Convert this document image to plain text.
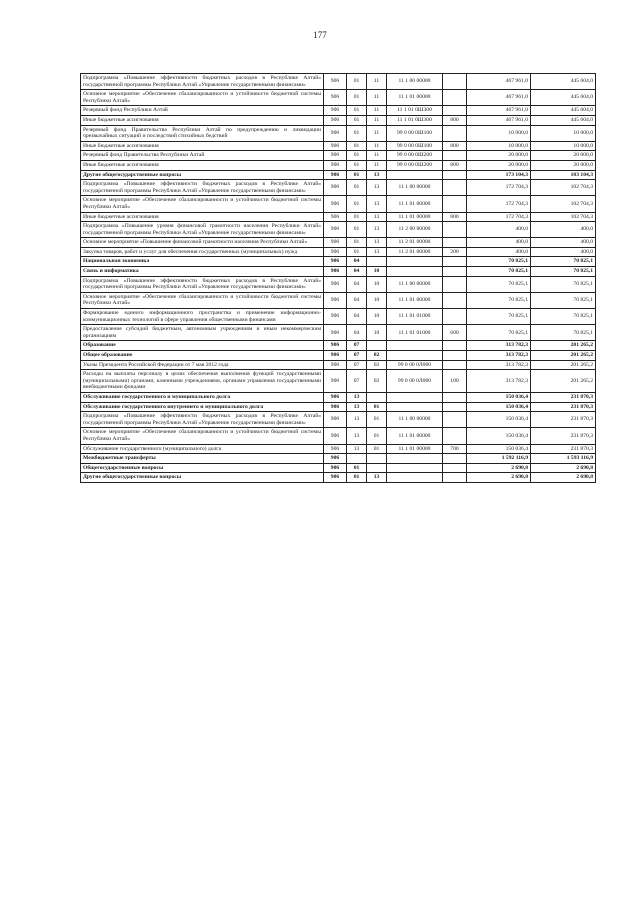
177
Подпрограмма «Повышение эффективности бюджетных расходов в Республике Алтай» государственной программы Республики Алтай «Управление государственными финансами»	906	01	11	11 1 00 00000		467 961,0	445 604,0
Основное мероприятие «Обеспечение сбалансированности и устойчивости бюджетной системы Республики Алтай»	906	01	11	11 1 01 00000		467 961,0	445 604,0
Резервный фонд Республики Алтай	906	01	11	11 1 01 0Ш300		467 961,0	445 604,0
Иные бюджетные ассигнования	906	01	11	11 1 01 0Ш300	800	467 961,0	445 604,0
Резервный фонд Правительства Республики Алтай по предупреждению и ликвидации чрезвычайных ситуаций и последствий стихийных бедствий	906	01	11	99 0 00 0Ш100		10 000,0	10 000,0
Иные бюджетные ассигнования	906	01	11	99 0 00 0Ш100	800	10 000,0	10 000,0
Резервный фонд Правительства Республики Алтай	906	01	11	99 0 00 0Ш200		20 000,0	20 000,0
Иные бюджетные ассигнования	906	01	11	99 0 00 0Ш200	800	20 000,0	20 000,0
Другие общегосударственные вопросы	906	01	13			173 104,3	103 104,3
Подпрограмма «Повышение эффективности бюджетных расходов в Республике Алтай» государственной программы Республики Алтай «Управление государственными финансами»	906	01	13	11 1 00 00000		172 704,3	102 704,3
Основное мероприятие «Обеспечение сбалансированности и устойчивости бюджетной системы Республики Алтай»	906	01	13	11 1 01 00000		172 704,3	102 704,3
Иные бюджетные ассигнования	906	01	13	11 1 01 00000	800	172 704,3	102 704,3
Подпрограмма «Повышение уровня финансовой грамотности населения Республики Алтай» государственной программы Республики Алтай «Управление государственными финансами»	906	01	13	11 2 00 00000		400,0	400,0
Основное мероприятие «Повышение финансовой грамотности населения Республики Алтай»	906	01	13	11 2 01 00000		400,0	400,0
Закупка товаров, работ и услуг для обеспечения государственных (муниципальных) нужд	906	01	13	11 2 01 00000	200	400,0	400,0
Национальная экономика	906	04				70 825,1	70 825,1
Связь и информатика	906	04	10			70 825,1	70 825,1
Подпрограмма «Повышение эффективности бюджетных расходов в Республике Алтай» государственной программы Республики Алтай «Управление государственными финансами»	906	04	10	11 1 00 00000		70 825,1	70 825,1
Основное мероприятие «Обеспечение сбалансированности и устойчивости бюджетной системы Республики Алтай»	906	04	10	11 1 01 00000		70 825,1	70 825,1
Формирование единого информационного пространства и применение информационно-коммуникационных технологий в сфере управления общественными финансами	906	04	10	11 1 01 01000		70 825,1	70 825,1
Предоставление субсидий бюджетным, автономным учреждениям и иным некоммерческим организациям	906	04	10	11 1 01 01000	600	70 825,1	70 825,1
Образование	906	07				313 782,3	201 265,2
Общее образование	906	07	02			313 782,3	201 265,2
Указы Президента Российской Федерации от 7 мая 2012 года	906	07	02	99 0 00 0Л000		313 782,3	201 265,2
Расходы на выплаты персоналу в целях обеспечения выполнения функций государственными (муниципальными) органами, казенными учреждениями, органами управления государственными внебюджетными фондами	906	07	02	99 0 00 0Л000	100	313 782,3	201 265,2
Обслуживание государственного и муниципального долга	906	13				150 036,4	231 870,3
Обслуживание государственного внутреннего и муниципального долга	906	13	01			150 036,4	231 870,3
Подпрограмма «Повышение эффективности бюджетных расходов в Республике Алтай» государственной программы Республики Алтай «Управление государственными финансами»	906	13	01	11 1 00 00000		150 036,4	231 870,3
Основное мероприятие «Обеспечение сбалансированности и устойчивости бюджетной системы Республики Алтай»	906	13	01	11 1 01 00000		150 036,4	231 870,3
Обслуживание государственного (муниципального) долга	906	13	01	11 1 01 00000	700	150 036,4	231 870,3
Межбюджетные трансферты	906					1 592 116,9	1 593 116,9
Общегосударственные вопросы	906	01				2 690,8	2 690,8
Другие общегосударственные вопросы	906	01	13			2 690,8	2 690,8
